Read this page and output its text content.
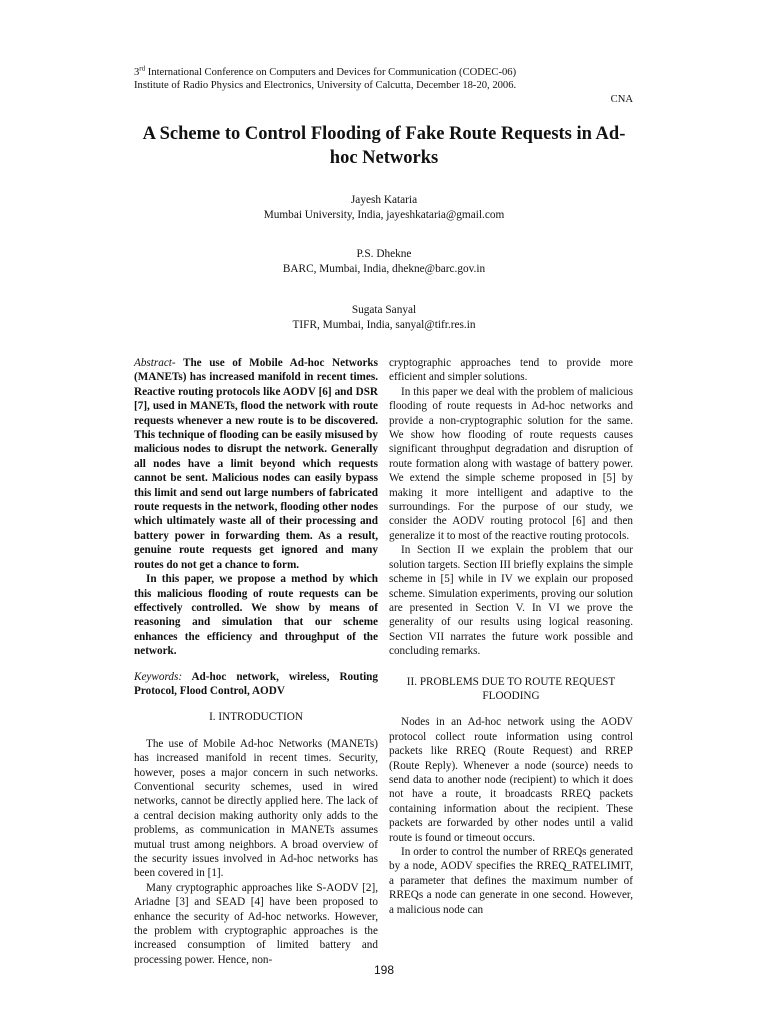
3rd International Conference on Computers and Devices for Communication (CODEC-06)
Institute of Radio Physics and Electronics, University of Calcutta, December 18-20, 2006.
CNA
A Scheme to Control Flooding of Fake Route Requests in Ad-hoc Networks
Jayesh Kataria
Mumbai University, India, jayeshkataria@gmail.com
P.S. Dhekne
BARC, Mumbai, India, dhekne@barc.gov.in
Sugata Sanyal
TIFR, Mumbai, India, sanyal@tifr.res.in

Abstract- The use of Mobile Ad-hoc Networks (MANETs) has increased manifold in recent times. Reactive routing protocols like AODV [6] and DSR [7], used in MANETs, flood the network with route requests whenever a new route is to be discovered. This technique of flooding can be easily misused by malicious nodes to disrupt the network. Generally all nodes have a limit beyond which requests cannot be sent. Malicious nodes can easily bypass this limit and send out large numbers of fabricated route requests in the network, flooding other nodes which ultimately waste all of their processing and battery power in forwarding them. As a result, genuine route requests get ignored and many routes do not get a chance to form.

In this paper, we propose a method by which this malicious flooding of route requests can be effectively controlled. We show by means of reasoning and simulation that our scheme enhances the efficiency and throughput of the network.

Keywords: Ad-hoc network, wireless, Routing Protocol, Flood Control, AODV

I. INTRODUCTION

The use of Mobile Ad-hoc Networks (MANETs) has increased manifold in recent times. Security, however, poses a major concern in such networks. Conventional security schemes, used in wired networks, cannot be directly applied here. The lack of a central decision making authority only adds to the problems, as communication in MANETs assumes mutual trust among neighbors. A broad overview of the security issues involved in Ad-hoc networks has been covered in [1].

Many cryptographic approaches like S-AODV [2], Ariadne [3] and SEAD [4] have been proposed to enhance the security of Ad-hoc networks. However, the problem with cryptographic approaches is the increased consumption of limited battery and processing power. Hence, non-

cryptographic approaches tend to provide more efficient and simpler solutions.

In this paper we deal with the problem of malicious flooding of route requests in Ad-hoc networks and provide a non-cryptographic solution for the same. We show how flooding of route requests causes significant throughput degradation and disruption of route formation along with wastage of battery power. We extend the simple scheme proposed in [5] by making it more intelligent and adaptive to the surroundings. For the purpose of our study, we consider the AODV routing protocol [6] and then generalize it to most of the reactive routing protocols.

In Section II we explain the problem that our solution targets. Section III briefly explains the simple scheme in [5] while in IV we explain our proposed scheme. Simulation experiments, proving our solution are presented in Section V. In VI we prove the generality of our results using logical reasoning. Section VII narrates the future work possible and concluding remarks.

II. PROBLEMS DUE TO ROUTE REQUEST FLOODING

Nodes in an Ad-hoc network using the AODV protocol collect route information using control packets like RREQ (Route Request) and RREP (Route Reply). Whenever a node (source) needs to send data to another node (recipient) to which it does not have a route, it broadcasts RREQ packets containing information about the recipient. These packets are forwarded by other nodes until a valid route is found or timeout occurs.

In order to control the number of RREQs generated by a node, AODV specifies the RREQ_RATELIMIT, a parameter that defines the maximum number of RREQs a node can generate in one second. However, a malicious node can

198
